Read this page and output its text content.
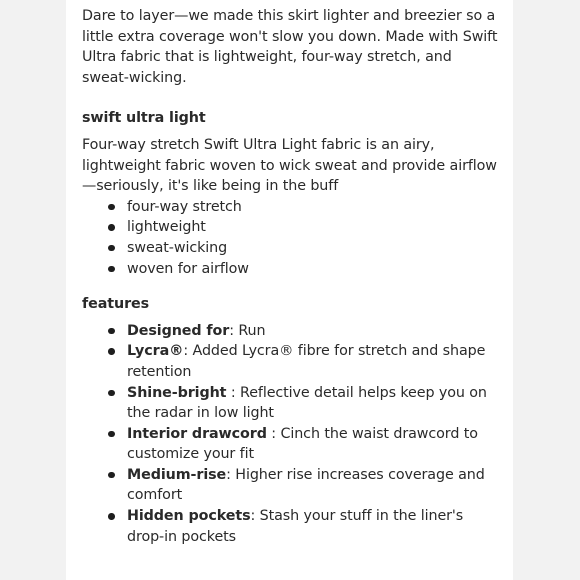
Dare to layer—we made this skirt lighter and breezier so a little extra coverage won't slow you down. Made with Swift Ultra fabric that is lightweight, four-way stretch, and sweat-wicking.

swift ultra light

Four-way stretch Swift Ultra Light fabric is an airy, lightweight fabric woven to wick sweat and provide airflow—seriously, it's like being in the buff

four-way stretch
lightweight
sweat-wicking
woven for airflow
features
Designed for: Run
Lycra®: Added Lycra® fibre for stretch and shape retention
Shine-bright : Reflective detail helps keep you on the radar in low light
Interior drawcord : Cinch the waist drawcord to customize your fit
Medium-rise: Higher rise increases coverage and comfort
Hidden pockets: Stash your stuff in the liner's drop-in pockets
